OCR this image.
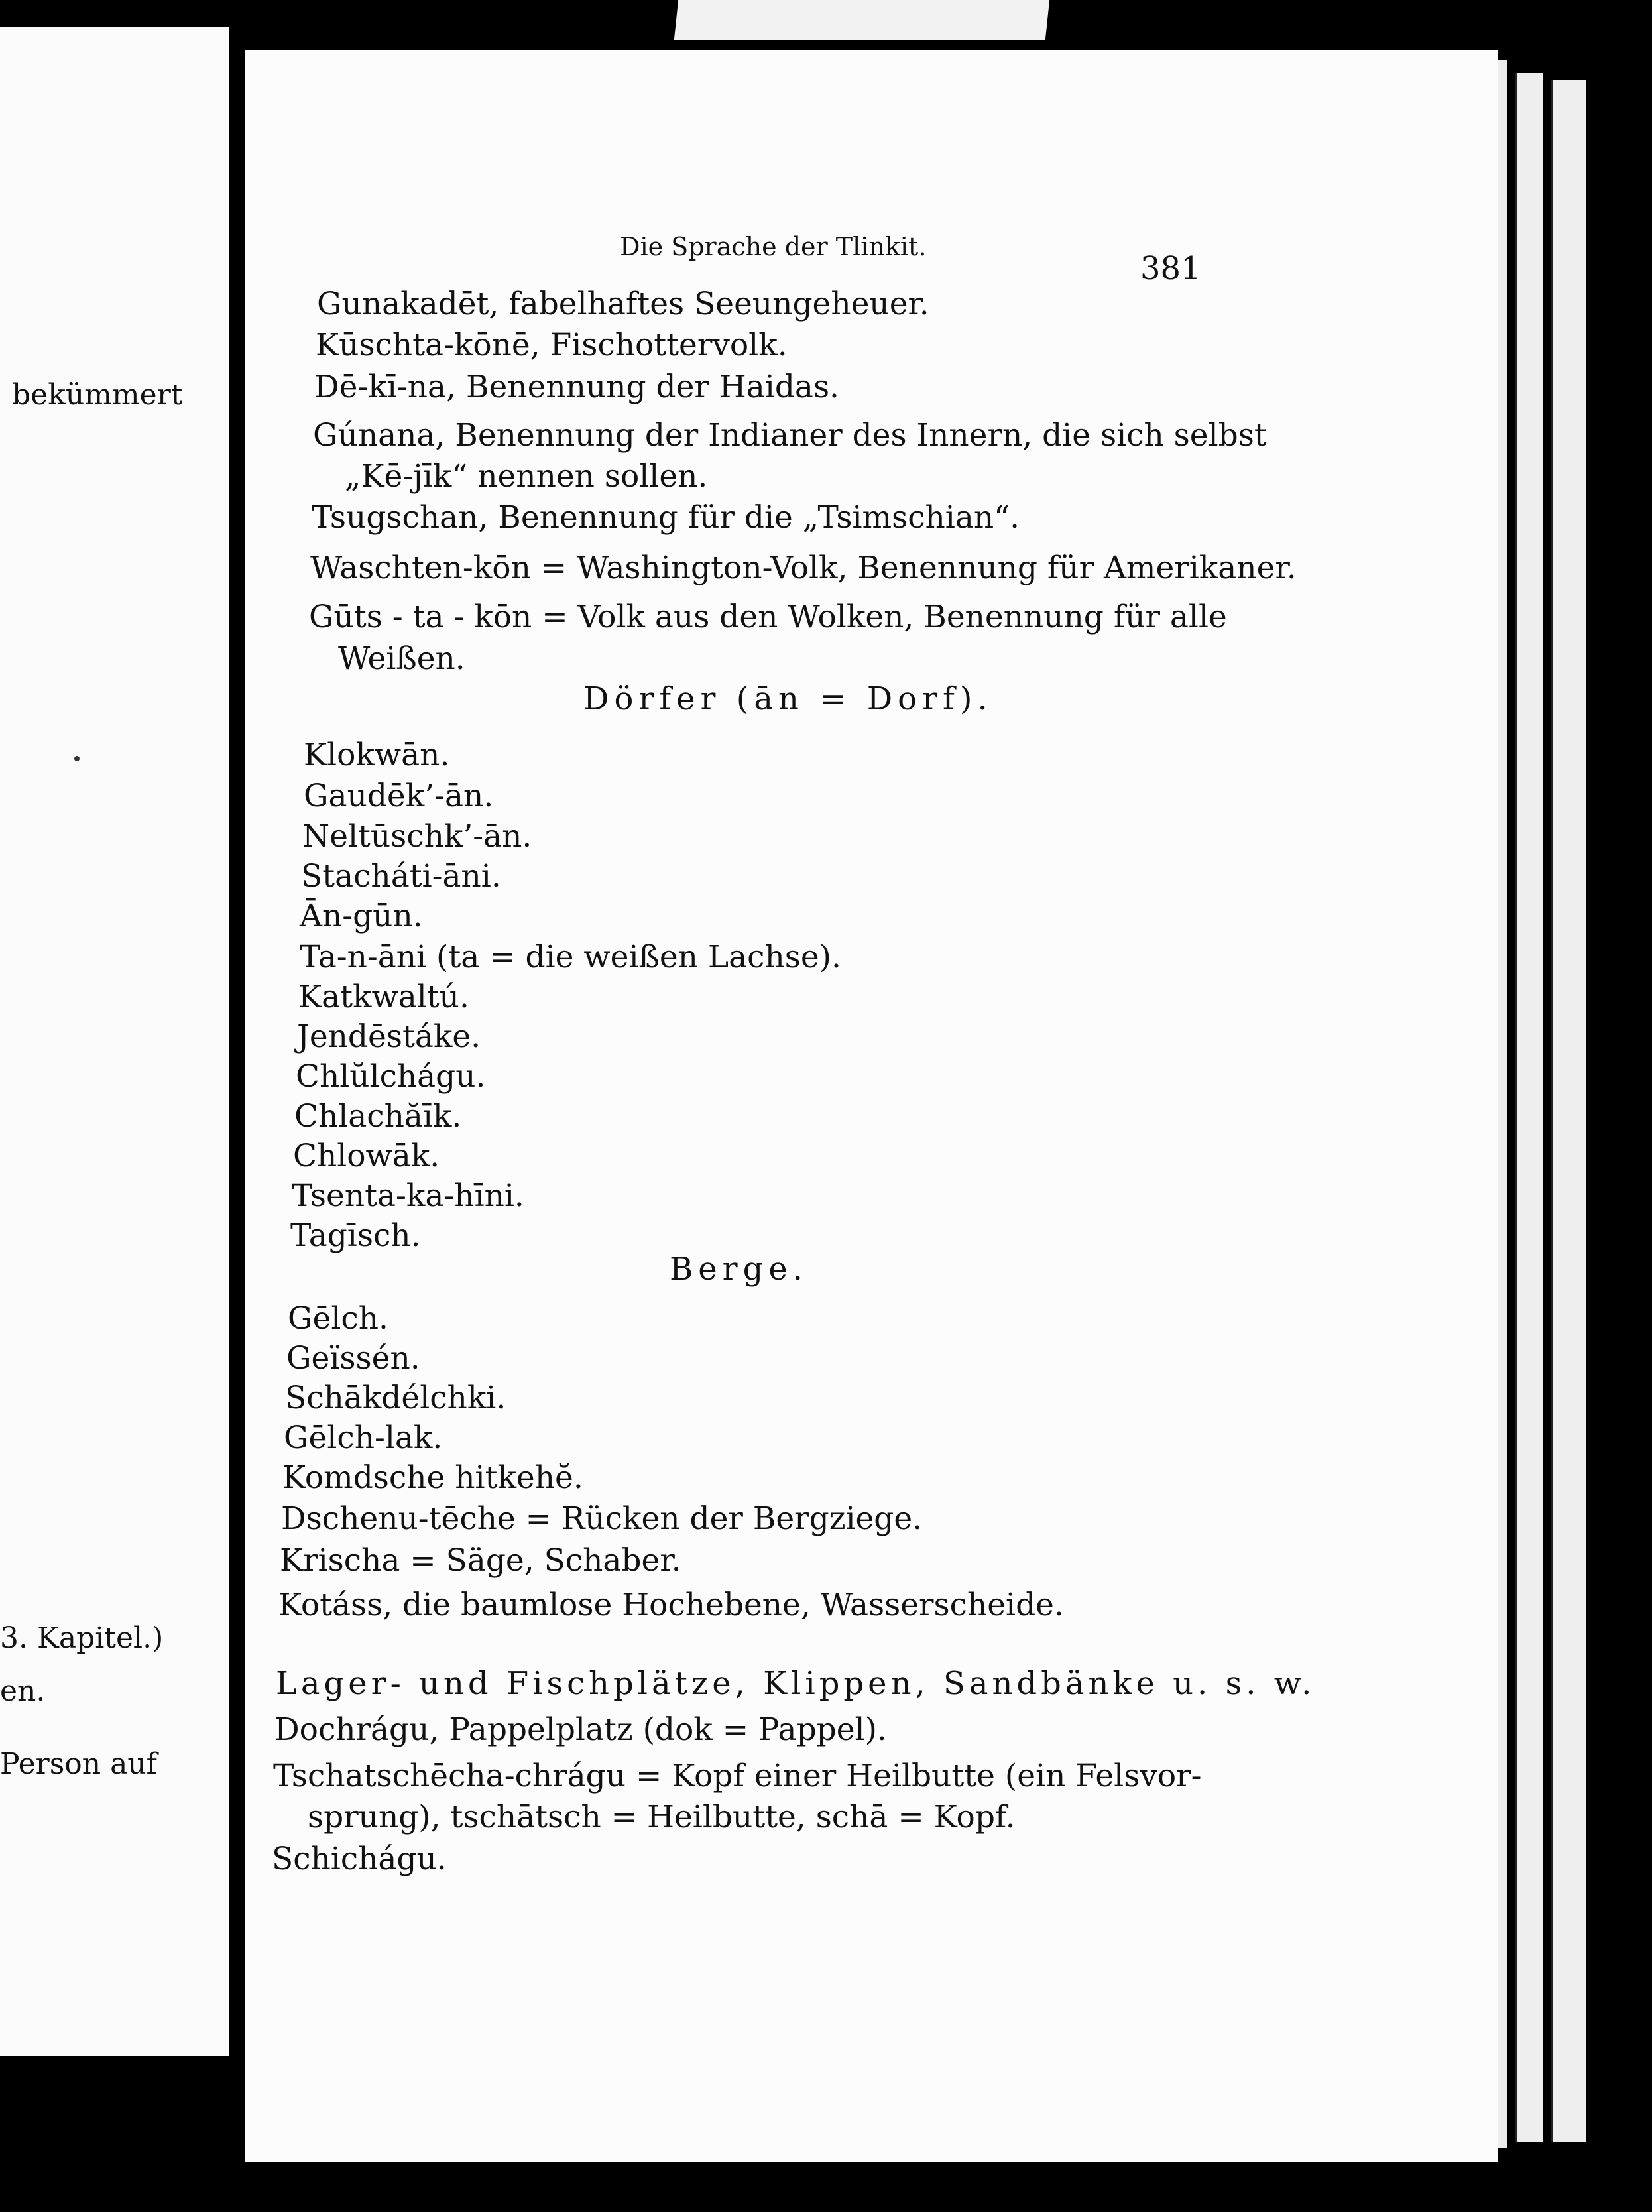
bekümmert
3. Kapitel.)
en.
Person auf
Die Sprache der Tlinkit.
381
Gunakadēt, fabelhaftes Seeungeheuer.
Kūschta-kōnē, Fischottervolk.
Dē-kī-na, Benennung der Haidas.
Gúnana, Benennung der Indianer des Innern, die sich selbst
„Kē-jīk“ nennen sollen.
Tsugschan, Benennung für die „Tsimschian“.
Waschten-kōn = Washington-Volk, Benennung für Amerikaner.
Gūts - ta - kōn = Volk aus den Wolken, Benennung für alle
Weißen.
Dörfer (ān = Dorf).
Klokwān.
Gaudēk’-ān.
Neltūschk’-ān.
Stacháti-āni.
Ān-gūn.
Ta-n-āni (ta = die weißen Lachse).
Katkwaltú.
Jendēstáke.
Chlŭlchágu.
Chlachăīk.
Chlowāk.
Tsenta-ka-hīni.
Tagīsch.
Berge.
Gēlch.
Geïssén.
Schākdélchki.
Gēlch-lak.
Komdsche hitkehĕ.
Dschenu-tēche = Rücken der Bergziege.
Krischa = Säge, Schaber.
Kotáss, die baumlose Hochebene, Wasserscheide.
Lager- und Fischplätze, Klippen, Sandbänke u. s. w.
Dochrágu, Pappelplatz (dok = Pappel).
Tschatschēcha-chrágu = Kopf einer Heilbutte (ein Felsvor-
sprung), tschātsch = Heilbutte, schā = Kopf.
Schichágu.
